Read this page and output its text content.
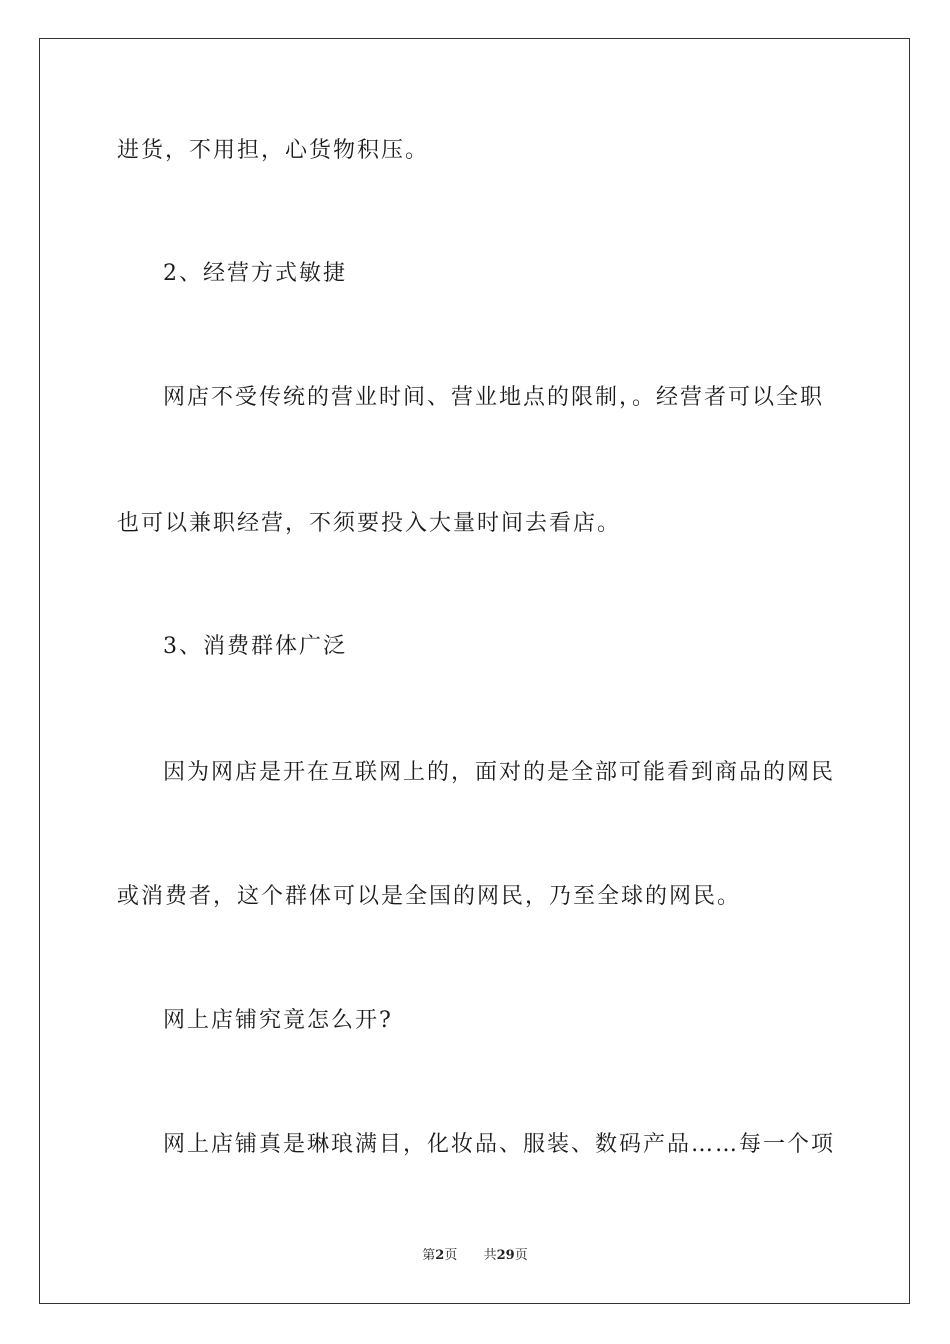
进货，不用担，心货物积压。
2、经营方式敏捷
网店不受传统的营业时间、营业地点的限制，。经营者可以全职
也可以兼职经营，不须要投入大量时间去看店。
3、消费群体广泛
因为网店是开在互联网上的，面对的是全部可能看到商品的网民
或消费者，这个群体可以是全国的网民，乃至全球的网民。
网上店铺究竟怎么开?
网上店铺真是琳琅满目，化妆品、服装、数码产品……每一个项
第2页 共29页
